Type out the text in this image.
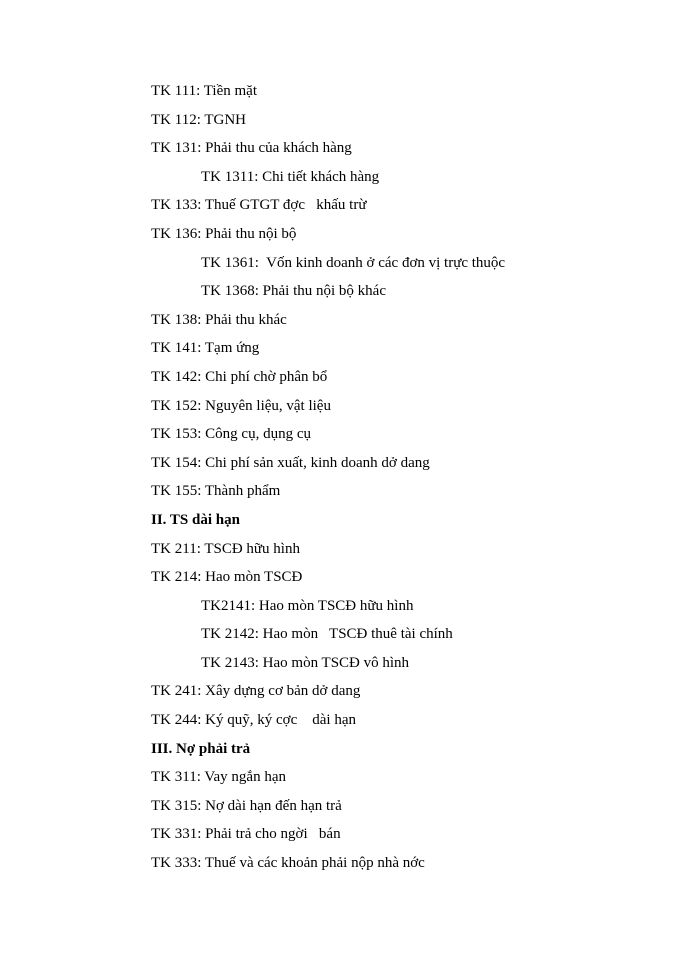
TK 111: Tiền mặt
TK 112: TGNH
TK 131: Phải thu của khách hàng
TK 1311: Chi tiết khách hàng
TK 133: Thuế GTGT đợc   khấu trừ
TK 136: Phải thu nội bộ
TK 1361:  Vốn kinh doanh ở các đơn vị trực thuộc
TK 1368: Phải thu nội bộ khác
TK 138: Phải thu khác
TK 141: Tạm ứng
TK 142: Chi phí chờ phân bổ
TK 152: Nguyên liệu, vật liệu
TK 153: Công cụ, dụng cụ
TK 154: Chi phí sản xuất, kinh doanh dở dang
TK 155: Thành phẩm
II. TS dài hạn
TK 211: TSCĐ hữu hình
TK 214: Hao mòn TSCĐ
TK2141: Hao mòn TSCĐ hữu hình
TK 2142: Hao mòn   TSCĐ thuê tài chính
TK 2143: Hao mòn TSCĐ vô hình
TK 241: Xây dựng cơ bản dở dang
TK 244: Ký quỹ, ký cợc    dài hạn
III. Nợ phải trả
TK 311: Vay ngắn hạn
TK 315: Nợ dài hạn đến hạn trả
TK 331: Phải trả cho ngời   bán
TK 333: Thuế và các khoản phải nộp nhà nớc
